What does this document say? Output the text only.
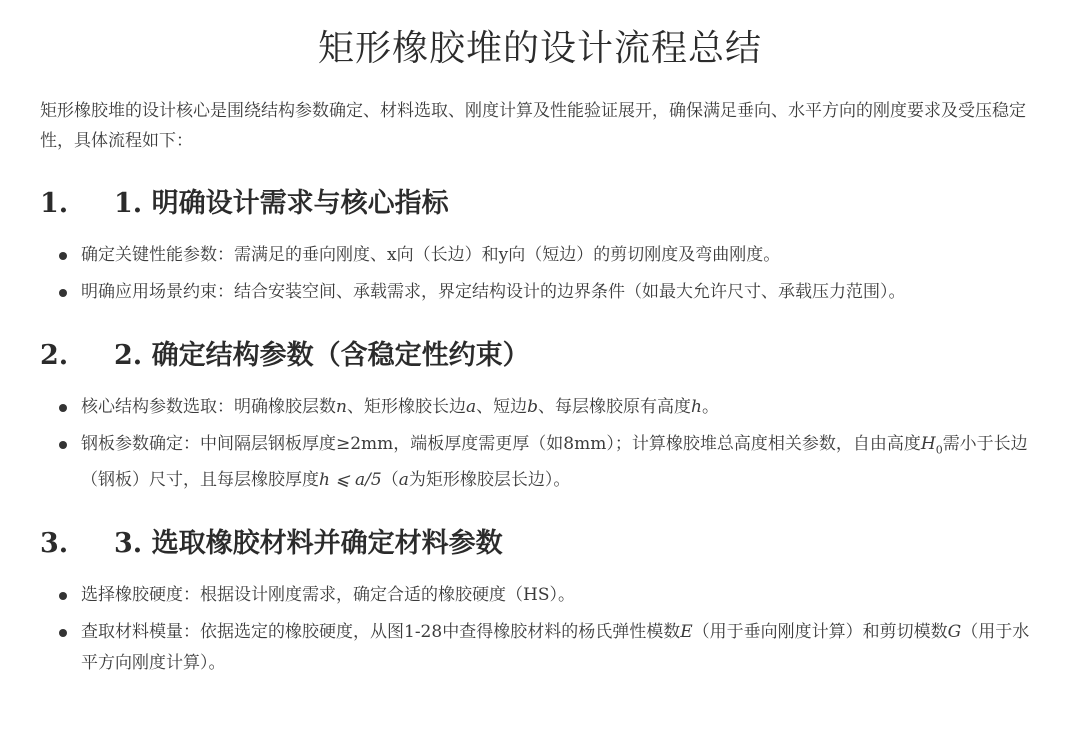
矩形橡胶堆的设计流程总结

矩形橡胶堆的设计核心是围绕结构参数确定、材料选取、刚度计算及性能验证展开，确保满足垂向、水平方向的刚度要求及受压稳定性，具体流程如下：

1.	1. 明确设计需求与核心指标
确定关键性能参数：需满足的垂向刚度、x向（长边）和y向（短边）的剪切刚度及弯曲刚度。
明确应用场景约束：结合安装空间、承载需求，界定结构设计的边界条件（如最大允许尺寸、承载压力范围）。
2.	2. 确定结构参数（含稳定性约束）
核心结构参数选取：明确橡胶层数n、矩形橡胶长边a、短边b、每层橡胶原有高度h。
钢板参数确定：中间隔层钢板厚度≥2mm，端板厚度需更厚（如8mm）；计算橡胶堆总高度相关参数，自由高度$H_0$需小于长边（钢板）尺寸，且每层橡胶厚度h ⩽ a/5（a为矩形橡胶层长边）。
3.	3. 选取橡胶材料并确定材料参数
选择橡胶硬度：根据设计刚度需求，确定合适的橡胶硬度（HS）。
查取材料模量：依据选定的橡胶硬度，从图1-28中查得橡胶材料的杨氏弹性模数E（用于垂向刚度计算）和剪切模数G（用于水平方向刚度计算）。
